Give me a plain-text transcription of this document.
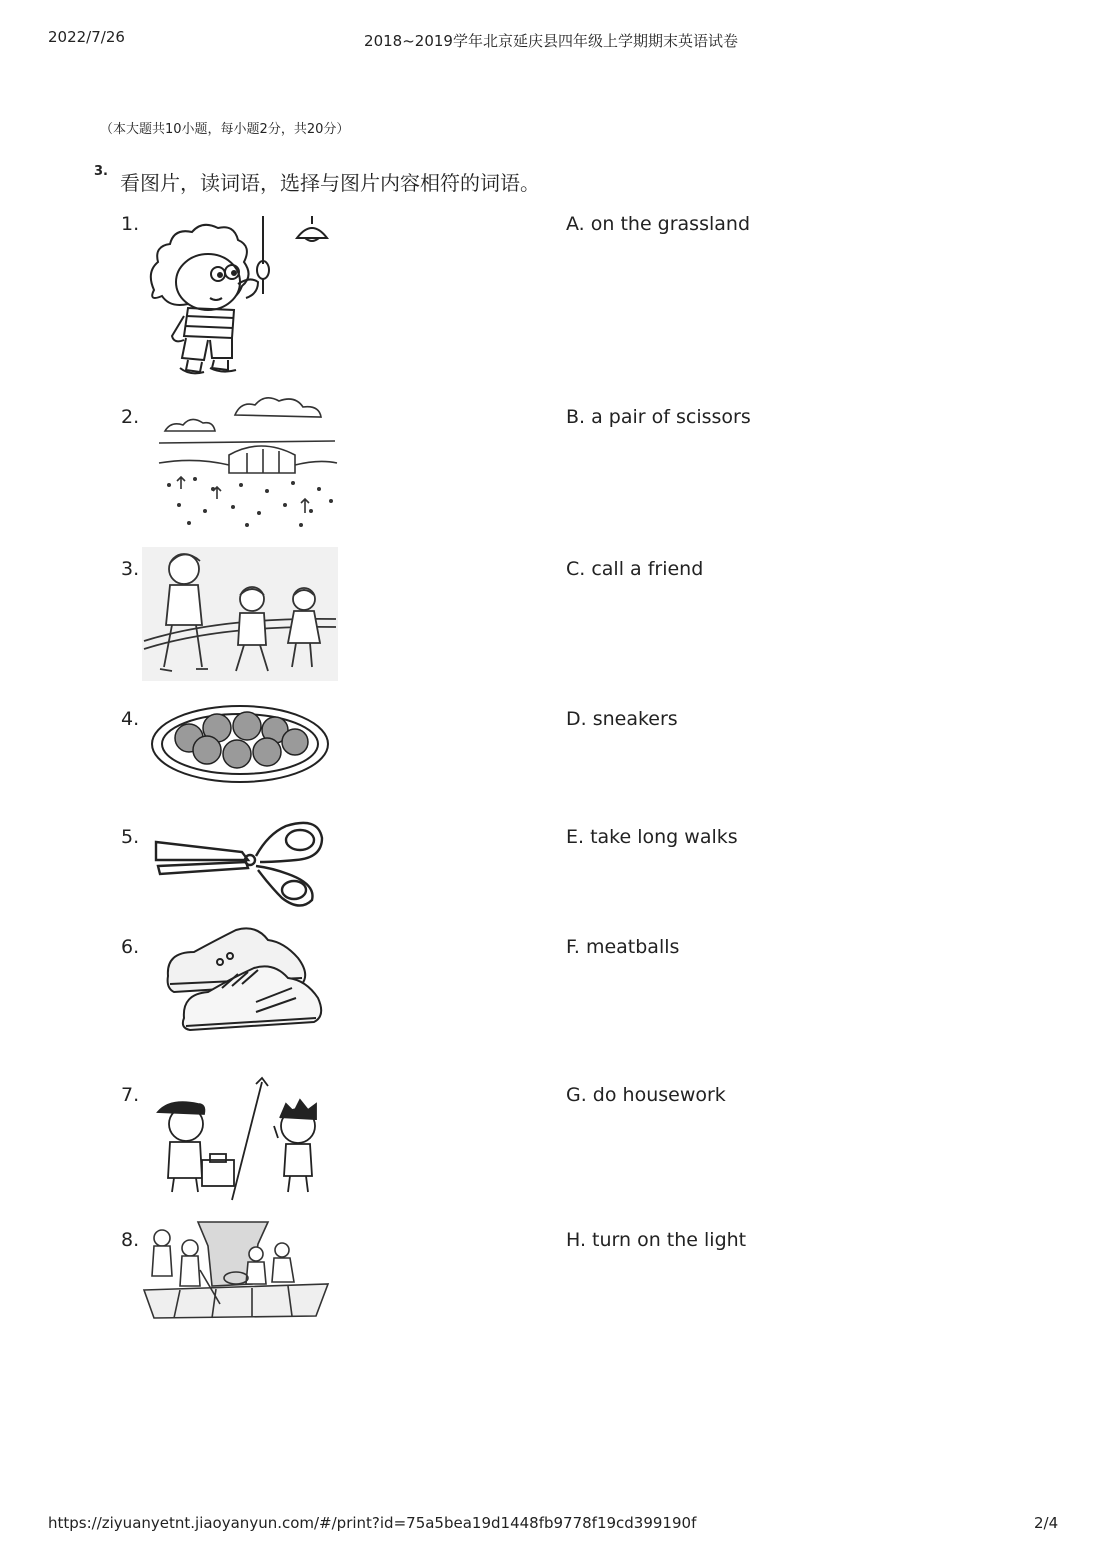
2022/7/26	2018~2019学年北京延庆县四年级上学期期末英语试卷
（本大题共10小题，每小题2分，共20分）
3. 看图片，读词语，选择与图片内容相符的词语。
1.
2.
3.
4.
5.
6.
7.
8.
A. on the grassland
B. a pair of scissors
C. call a friend
D. sneakers
E. take long walks
F. meatballs
G. do housework
H. turn on the light
https://ziyuanyetnt.jiaoyanyun.com/#/print?id=75a5bea19d1448fb9778f19cd399190f	2/4
